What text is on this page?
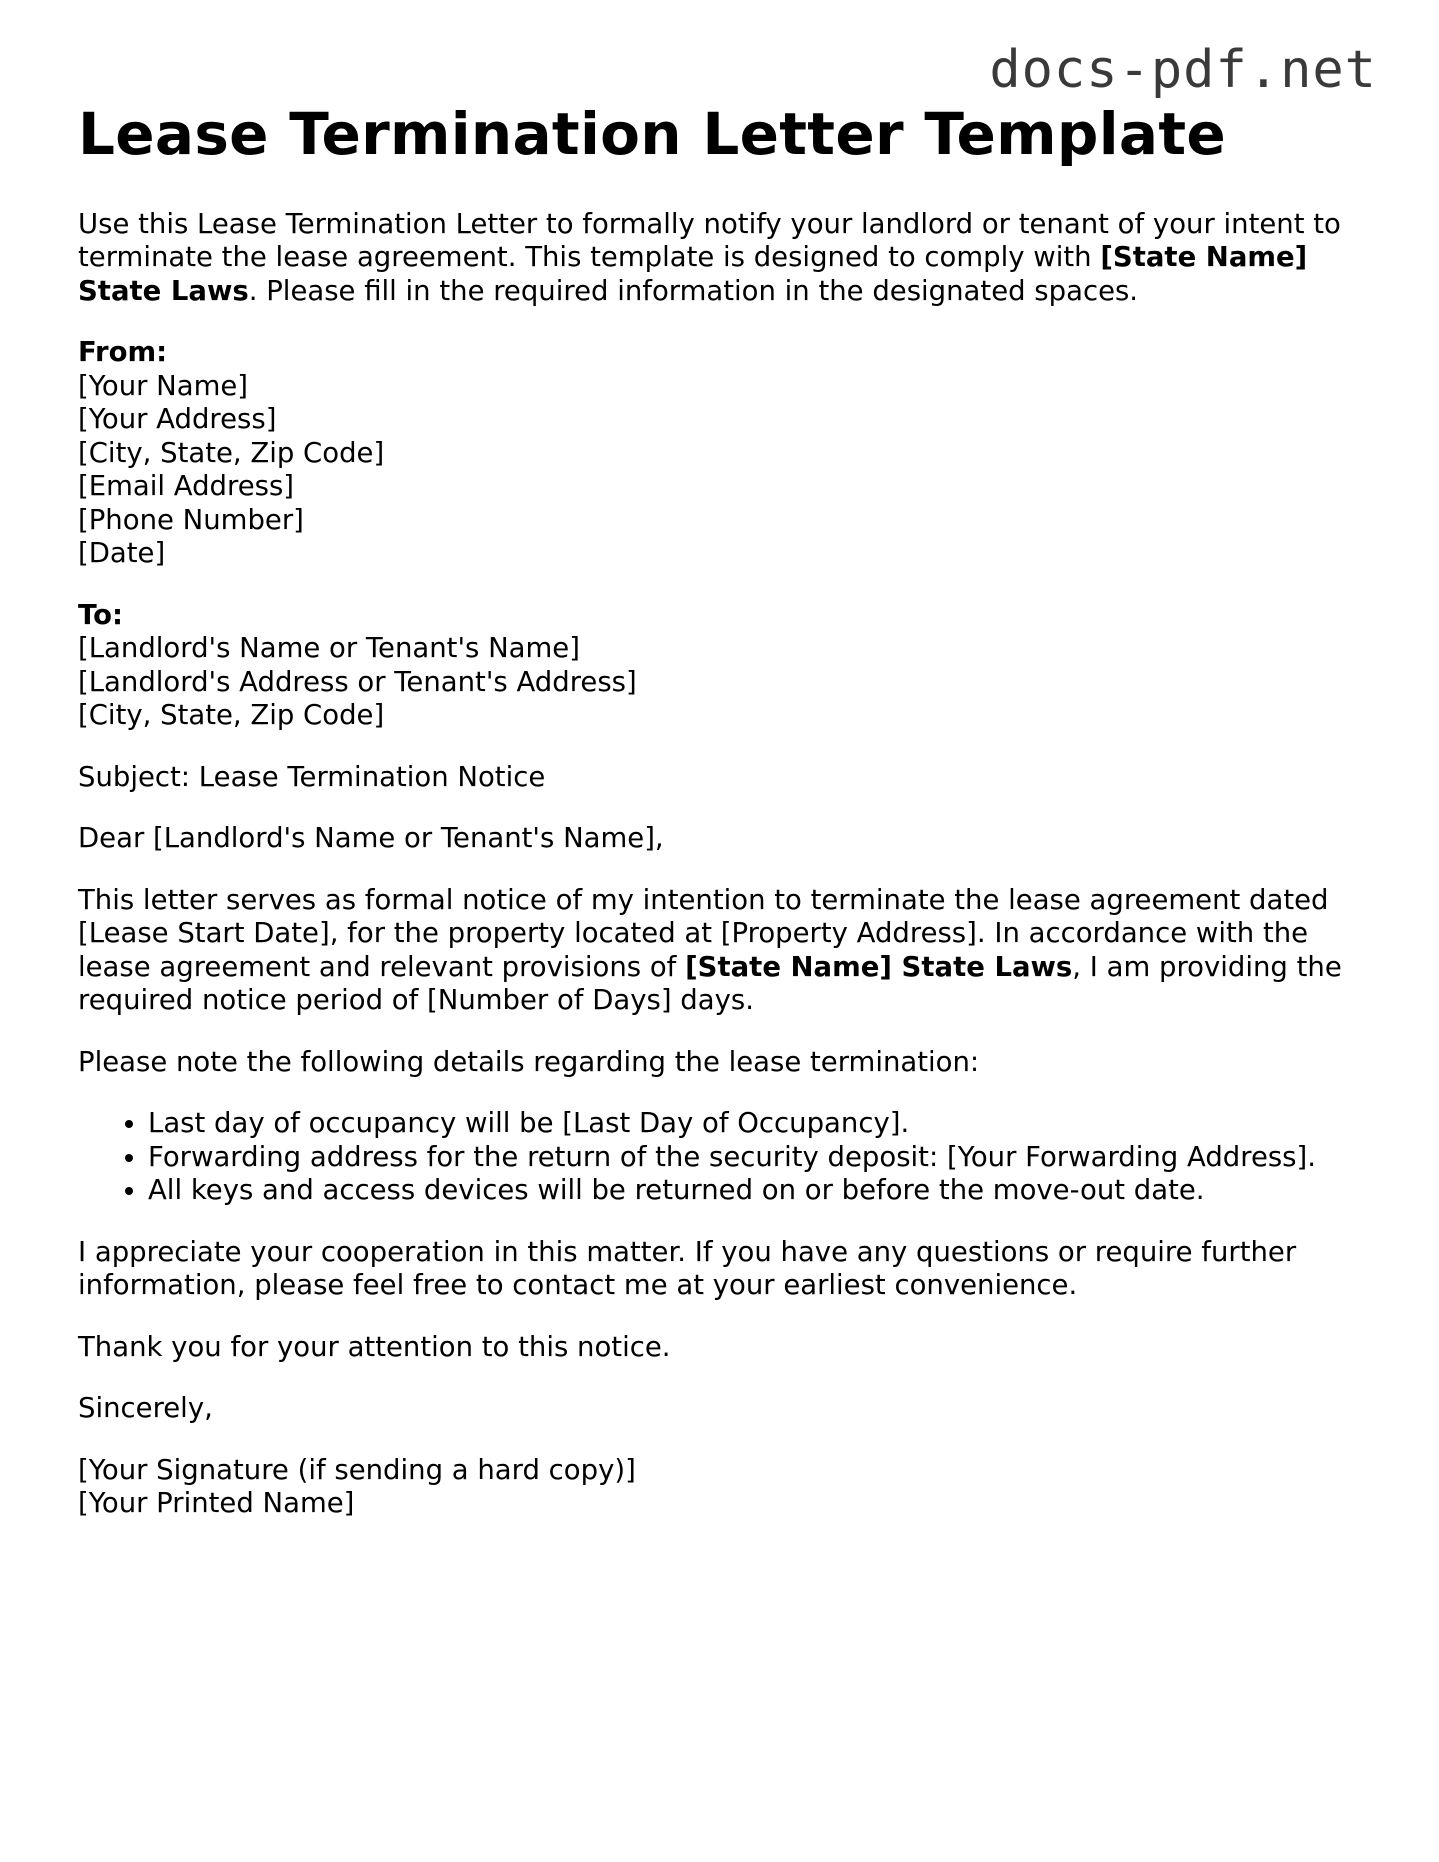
docs-pdf.net
Lease Termination Letter Template

Use this Lease Termination Letter to formally notify your landlord or tenant of your intent to terminate the lease agreement. This template is designed to comply with [State Name] State Laws. Please fill in the required information in the designated spaces.

From:
[Your Name]
[Your Address]
[City, State, Zip Code]
[Email Address]
[Phone Number]
[Date]
To:
[Landlord's Name or Tenant's Name]
[Landlord's Address or Tenant's Address]
[City, State, Zip Code]

Subject: Lease Termination Notice

Dear [Landlord's Name or Tenant's Name],

This letter serves as formal notice of my intention to terminate the lease agreement dated [Lease Start Date], for the property located at [Property Address]. In accordance with the lease agreement and relevant provisions of [State Name] State Laws, I am providing the required notice period of [Number of Days] days.

Please note the following details regarding the lease termination:

• Last day of occupancy will be [Last Day of Occupancy].
• Forwarding address for the return of the security deposit: [Your Forwarding Address].
• All keys and access devices will be returned on or before the move-out date.

I appreciate your cooperation in this matter. If you have any questions or require further information, please feel free to contact me at your earliest convenience.

Thank you for your attention to this notice.

Sincerely,

[Your Signature (if sending a hard copy)]
[Your Printed Name]
